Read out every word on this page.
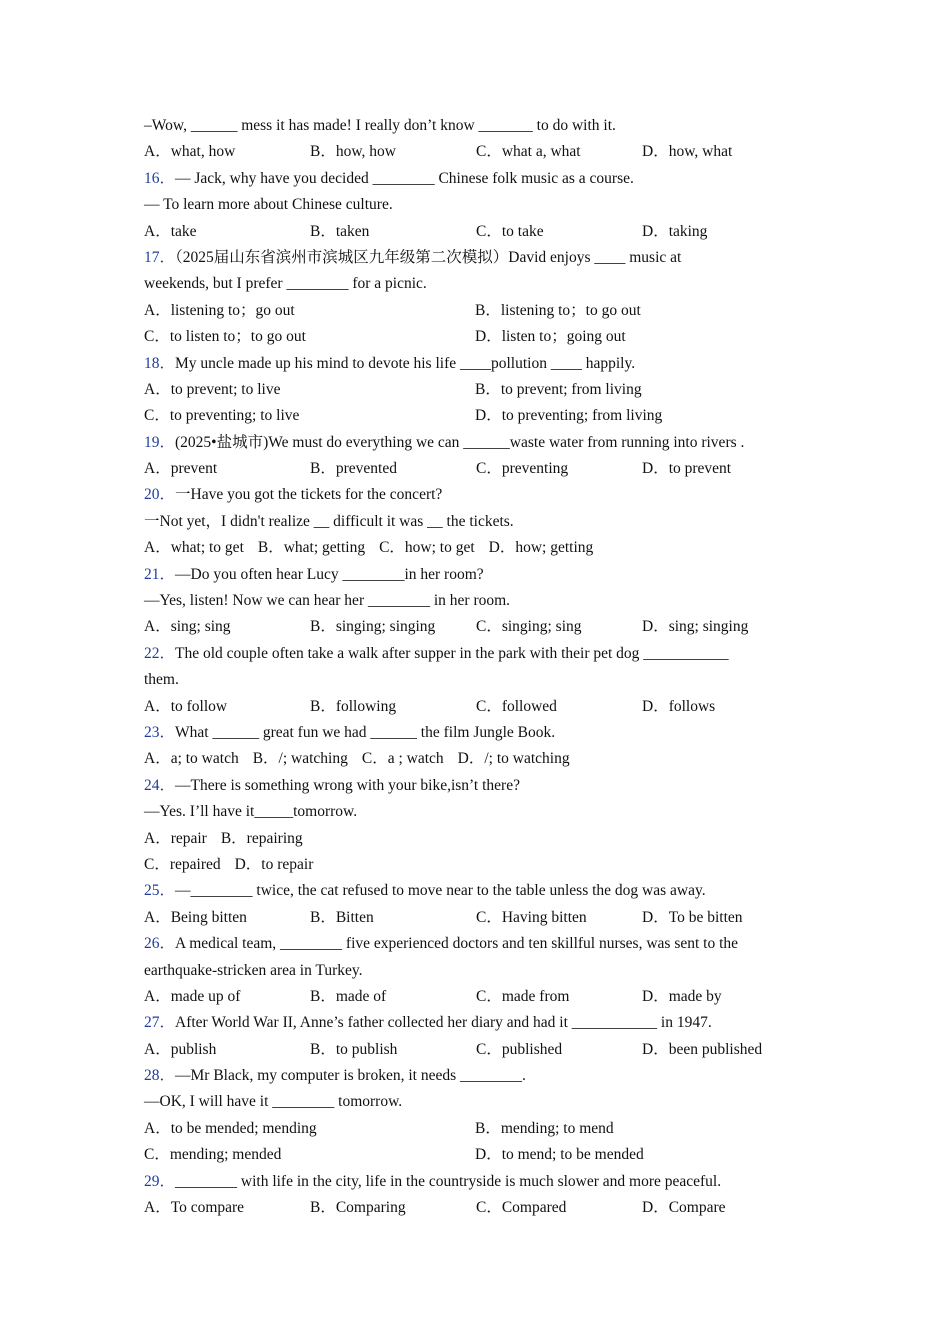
–Wow, ______ mess it has made! I really don’t know _______ to do with it.
A．what, how	B．how, how	C．what a, what	D．how, what
16．— Jack, why have you decided ________ Chinese folk music as a course.
— To learn more about Chinese culture.
A．take	B．taken	C．to take	D．taking
17．（2025届山东省滨州市滨城区九年级第二次模拟）David enjoys ____ music at
weekends, but I prefer ________ for a picnic.
A．listening to；go out	B．listening to；to go out
C．to listen to；to go out	D．listen to；going out
18．My uncle made up his mind to devote his life ____pollution ____ happily.
A．to prevent; to live	B．to prevent; from living
C．to preventing; to live	D．to preventing; from living
19．(2025•盐城市)We must do everything we can ______waste water from running into rivers .
A．prevent	B．prevented	C．preventing	D．to prevent
20．一Have you got the tickets for the concert?
一Not yet，I didn't realize __ difficult it was __ the tickets.
A．what; to get B．what; getting C．how; to get D．how; getting
21．—Do you often hear Lucy ________in her room?
—Yes, listen! Now we can hear her ________ in her room.
A．sing; sing	B．singing; singing	C．singing; sing	D．sing; singing
22．The old couple often take a walk after supper in the park with their pet dog ___________
them.
A．to follow	B．following	C．followed	D．follows
23．What ______ great fun we had ______ the film Jungle Book.
A．a; to watch B．/; watching C．a ; watch D．/; to watching
24．—There is something wrong with your bike,isn’t there?
—Yes. I’ll have it_____tomorrow.
A．repair B．repairing
C．repaired D．to repair
25．—________ twice, the cat refused to move near to the table unless the dog was away.
A．Being bitten	B．Bitten	C．Having bitten	D．To be bitten
26．A medical team, ________ five experienced doctors and ten skillful nurses, was sent to the
earthquake-stricken area in Turkey.
A．made up of	B．made of	C．made from	D．made by
27．After World War II, Anne’s father collected her diary and had it ___________ in 1947.
A．publish	B．to publish	C．published	D．been published
28．—Mr Black, my computer is broken, it needs ________.
—OK, I will have it ________ tomorrow.
A．to be mended; mending	B．mending; to mend
C．mending; mended	D．to mend; to be mended
29．________ with life in the city, life in the countryside is much slower and more peaceful.
A．To compare	B．Comparing	C．Compared	D．Compare
